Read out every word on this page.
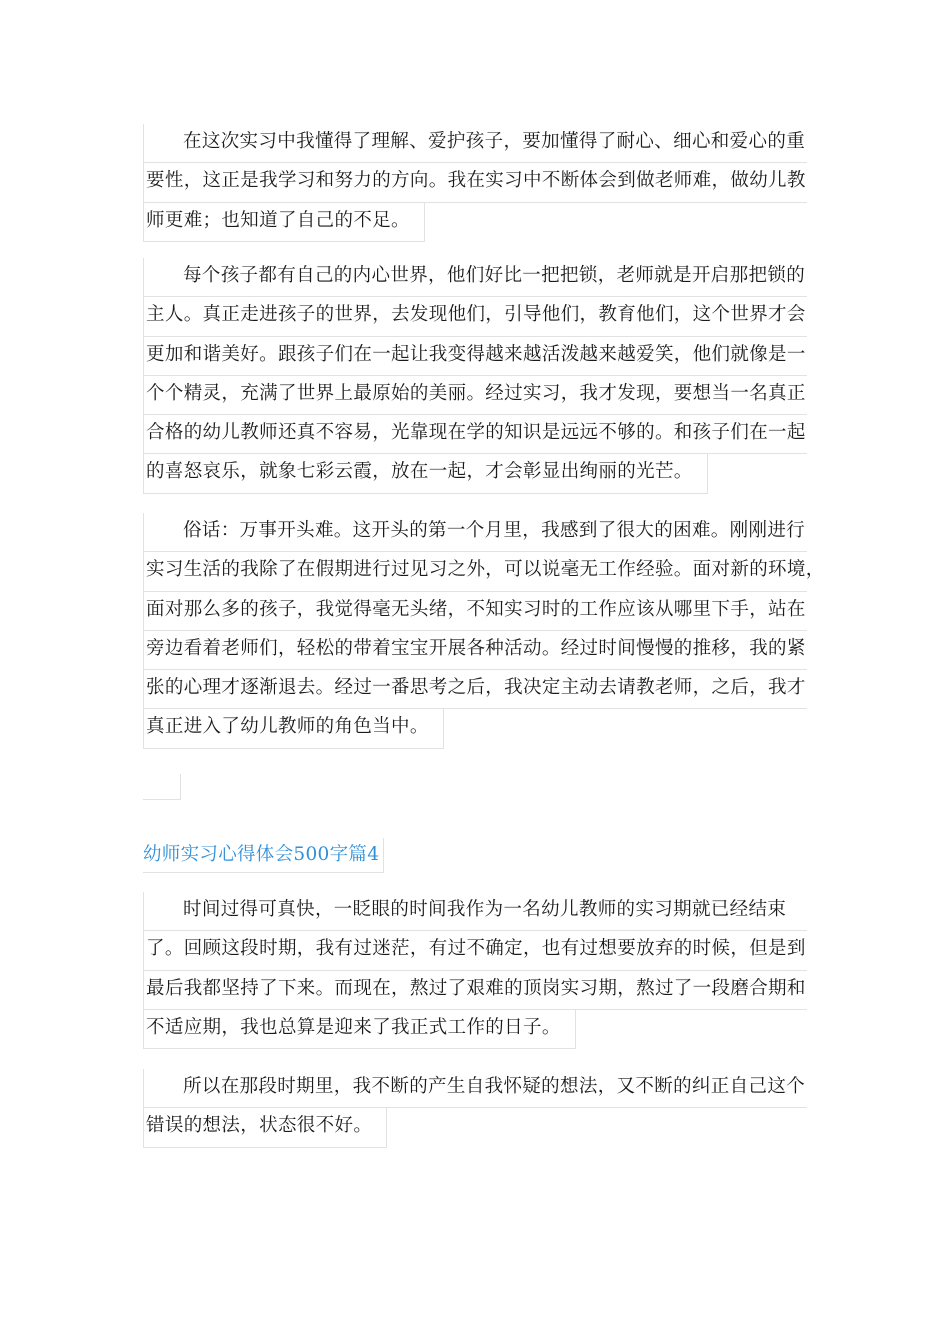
在这次实习中我懂得了理解、爱护孩子，要加懂得了耐心、细心和爱心的重
要性，这正是我学习和努力的方向。我在实习中不断体会到做老师难，做幼儿教
师更难；也知道了自己的不足。
每个孩子都有自己的内心世界，他们好比一把把锁，老师就是开启那把锁的
主人。真正走进孩子的世界，去发现他们，引导他们，教育他们，这个世界才会
更加和谐美好。跟孩子们在一起让我变得越来越活泼越来越爱笑，他们就像是一
个个精灵，充满了世界上最原始的美丽。经过实习，我才发现，要想当一名真正
合格的幼儿教师还真不容易，光靠现在学的知识是远远不够的。和孩子们在一起
的喜怒哀乐，就象七彩云霞，放在一起，才会彰显出绚丽的光芒。
俗话：万事开头难。这开头的第一个月里，我感到了很大的困难。刚刚进行
实习生活的我除了在假期进行过见习之外，可以说毫无工作经验。面对新的环境，
面对那么多的孩子，我觉得毫无头绪，不知实习时的工作应该从哪里下手，站在
旁边看着老师们，轻松的带着宝宝开展各种活动。经过时间慢慢的推移，我的紧
张的心理才逐渐退去。经过一番思考之后，我决定主动去请教老师，之后，我才
真正进入了幼儿教师的角色当中。
幼师实习心得体会500字篇4
时间过得可真快，一眨眼的时间我作为一名幼儿教师的实习期就已经结束
了。回顾这段时期，我有过迷茫，有过不确定，也有过想要放弃的时候，但是到
最后我都坚持了下来。而现在，熬过了艰难的顶岗实习期，熬过了一段磨合期和
不适应期，我也总算是迎来了我正式工作的日子。
所以在那段时期里，我不断的产生自我怀疑的想法，又不断的纠正自己这个
错误的想法，状态很不好。
